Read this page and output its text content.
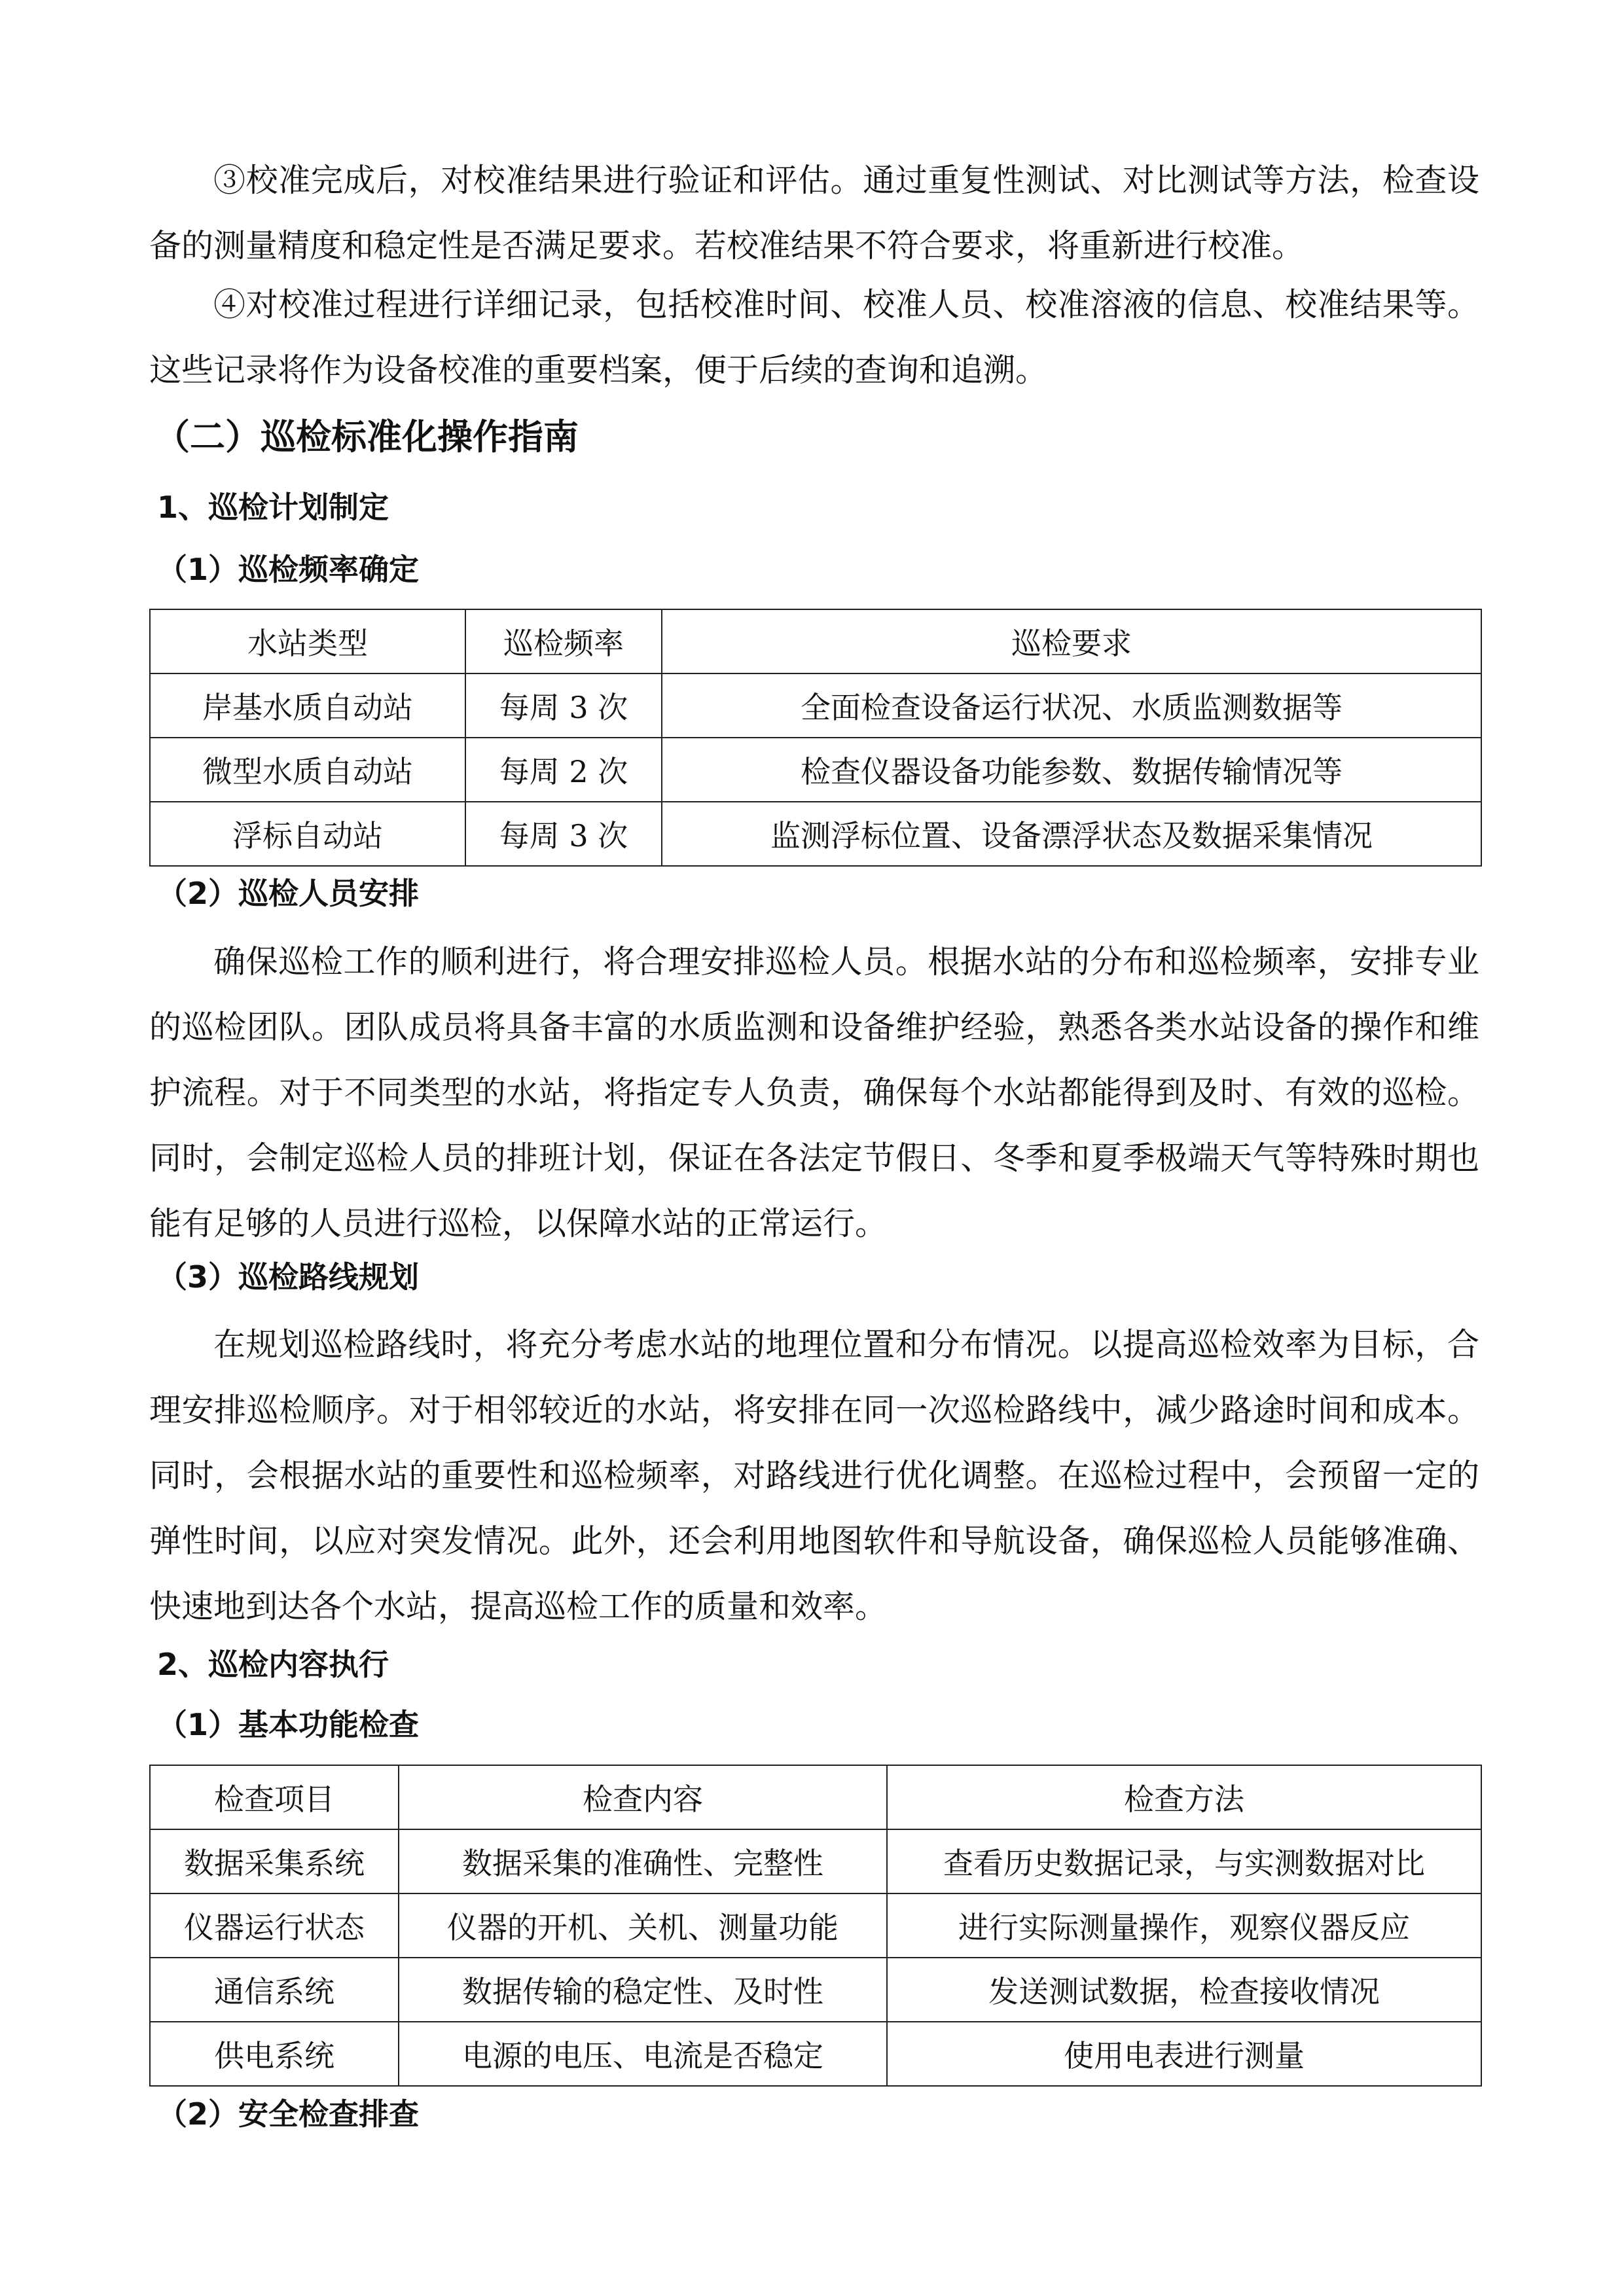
③校准完成后，对校准结果进行验证和评估。通过重复性测试、对比测试等方法，检查设备的测量精度和稳定性是否满足要求。若校准结果不符合要求，将重新进行校准。

④对校准过程进行详细记录，包括校准时间、校准人员、校准溶液的信息、校准结果等。这些记录将作为设备校准的重要档案，便于后续的查询和追溯。

（二）巡检标准化操作指南
1、巡检计划制定
（1）巡检频率确定
水站类型	巡检频率	巡检要求
岸基水质自动站	每周 3 次	全面检查设备运行状况、水质监测数据等
微型水质自动站	每周 2 次	检查仪器设备功能参数、数据传输情况等
浮标自动站	每周 3 次	监测浮标位置、设备漂浮状态及数据采集情况
（2）巡检人员安排

确保巡检工作的顺利进行，将合理安排巡检人员。根据水站的分布和巡检频率，安排专业的巡检团队。团队成员将具备丰富的水质监测和设备维护经验，熟悉各类水站设备的操作和维护流程。对于不同类型的水站，将指定专人负责，确保每个水站都能得到及时、有效的巡检。同时，会制定巡检人员的排班计划，保证在各法定节假日、冬季和夏季极端天气等特殊时期也能有足够的人员进行巡检，以保障水站的正常运行。

（3）巡检路线规划

在规划巡检路线时，将充分考虑水站的地理位置和分布情况。以提高巡检效率为目标，合理安排巡检顺序。对于相邻较近的水站，将安排在同一次巡检路线中，减少路途时间和成本。同时，会根据水站的重要性和巡检频率，对路线进行优化调整。在巡检过程中，会预留一定的弹性时间，以应对突发情况。此外，还会利用地图软件和导航设备，确保巡检人员能够准确、快速地到达各个水站，提高巡检工作的质量和效率。

2、巡检内容执行
（1）基本功能检查
检查项目	检查内容	检查方法
数据采集系统	数据采集的准确性、完整性	查看历史数据记录，与实测数据对比
仪器运行状态	仪器的开机、关机、测量功能	进行实际测量操作，观察仪器反应
通信系统	数据传输的稳定性、及时性	发送测试数据，检查接收情况
供电系统	电源的电压、电流是否稳定	使用电表进行测量
（2）安全检查排查
